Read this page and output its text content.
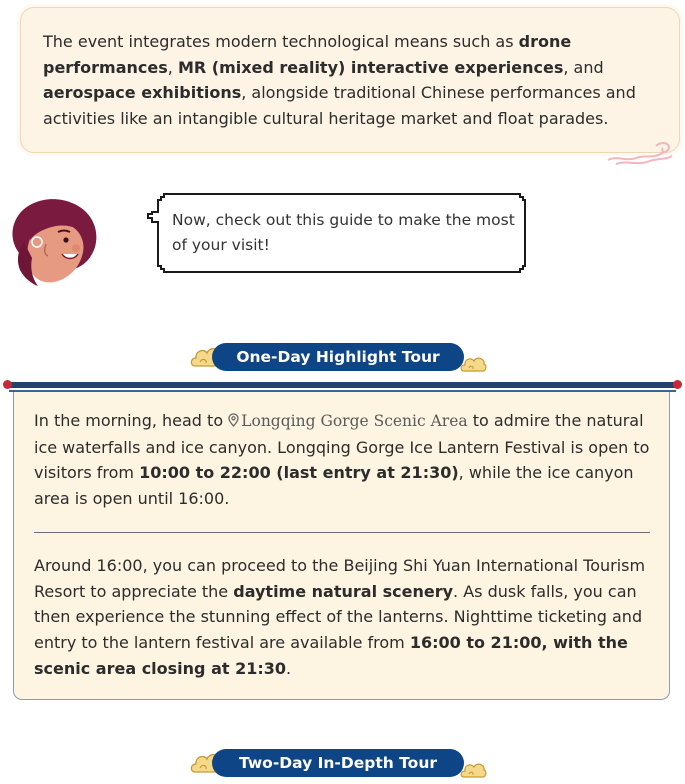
The event integrates modern technological means such as drone performances, MR (mixed reality) interactive experiences, and aerospace exhibitions, alongside traditional Chinese performances and activities like an intangible cultural heritage market and float parades.

Now, check out this guide to make the most of your visit!
One-Day Highlight Tour
In the morning, head to Longqing Gorge Scenic Area to admire the natural ice waterfalls and ice canyon. Longqing Gorge Ice Lantern Festival is open to visitors from 10:00 to 22:00 (last entry at 21:30), while the ice canyon area is open until 16:00.
Around 16:00, you can proceed to the Beijing Shi Yuan International Tourism Resort to appreciate the daytime natural scenery. As dusk falls, you can then experience the stunning effect of the lanterns. Nighttime ticketing and entry to the lantern festival are available from 16:00 to 21:00, with the scenic area closing at 21:30.
Two-Day In-Depth Tour
